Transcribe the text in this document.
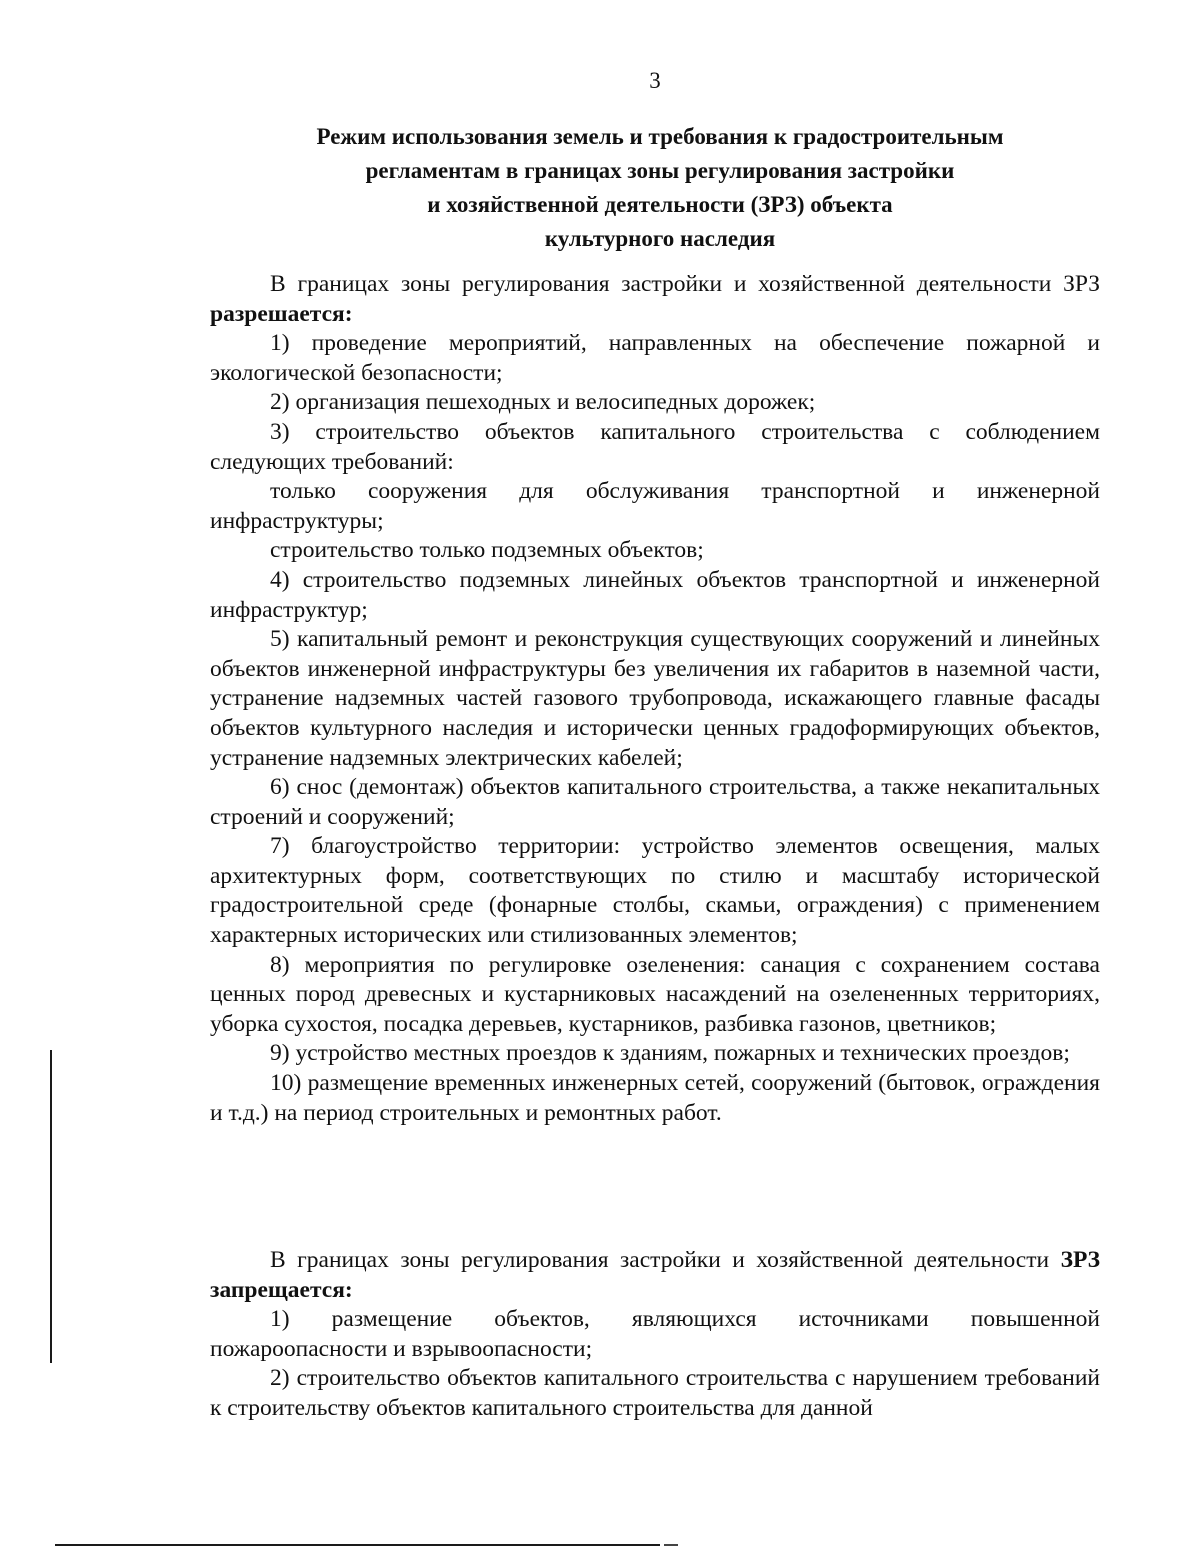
3
Режим использования земель и требования к градостроительным
регламентам в границах зоны регулирования застройки
и хозяйственной деятельности (ЗРЗ) объекта
культурного наследия

В границах зоны регулирования застройки и хозяйственной деятельности ЗРЗ разрешается:

1) проведение мероприятий, направленных на обеспечение пожарной и экологической безопасности;

2) организация пешеходных и велосипедных дорожек;

3) строительство объектов капитального строительства с соблюдением следующих требований:

только сооружения для обслуживания транспортной и инженерной инфраструктуры;

строительство только подземных объектов;

4) строительство подземных линейных объектов транспортной и инженерной инфраструктур;

5) капитальный ремонт и реконструкция существующих сооружений и линейных объектов инженерной инфраструктуры без увеличения их габаритов в наземной части, устранение надземных частей газового трубопровода, искажающего главные фасады объектов культурного наследия и исторически ценных градоформирующих объектов, устранение надземных электрических кабелей;

6) снос (демонтаж) объектов капитального строительства, а также некапитальных строений и сооружений;

7) благоустройство территории: устройство элементов освещения, малых архитектурных форм, соответствующих по стилю и масштабу исторической градостроительной среде (фонарные столбы, скамьи, ограждения) с применением характерных исторических или стилизованных элементов;

8) мероприятия по регулировке озеленения: санация с сохранением состава ценных пород древесных и кустарниковых насаждений на озелененных территориях, уборка сухостоя, посадка деревьев, кустарников, разбивка газонов, цветников;

9) устройство местных проездов к зданиям, пожарных и технических проездов;

10) размещение временных инженерных сетей, сооружений (бытовок, ограждения и т.д.) на период строительных и ремонтных работ.

В границах зоны регулирования застройки и хозяйственной деятельности ЗРЗ запрещается:

1) размещение объектов, являющихся источниками повышенной пожароопасности и взрывоопасности;

2) строительство объектов капитального строительства с нарушением требований к строительству объектов капитального строительства для данной
